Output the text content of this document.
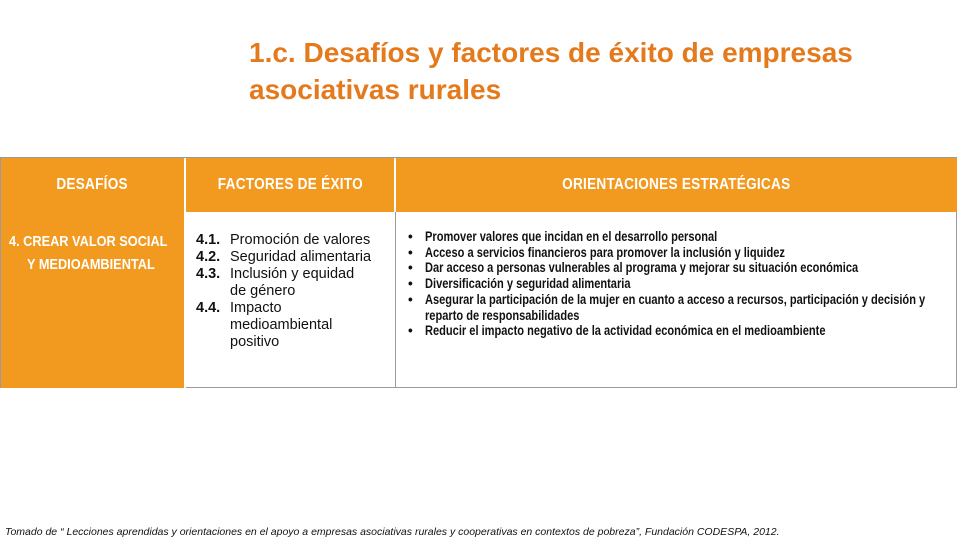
1.c. Desafíos y factores de éxito de empresas
asociativas rurales
DESAFÍOS	FACTORES DE ÉXITO	ORIENTACIONES ESTRATÉGICAS
4. CREAR VALOR SOCIAL
Y MEDIOAMBIENTAL
4.1. Promoción de valores
4.2. Seguridad alimentaria
4.3. Inclusión y equidad
de género
4.4. Impacto
medioambiental
positivo
• Promover valores que incidan en el desarrollo personal
• Acceso a servicios financieros para promover la inclusión y liquidez
• Dar acceso a personas vulnerables al programa y mejorar su situación económica
• Diversificación y seguridad alimentaria
• Asegurar la participación de la mujer en cuanto a acceso a recursos, participación y decisión y reparto de responsabilidades
• Reducir el impacto negativo de la actividad económica en el medioambiente
Tomado de “ Lecciones aprendidas y orientaciones en el apoyo a empresas asociativas rurales y cooperativas en contextos de pobreza”, Fundación CODESPA, 2012.
